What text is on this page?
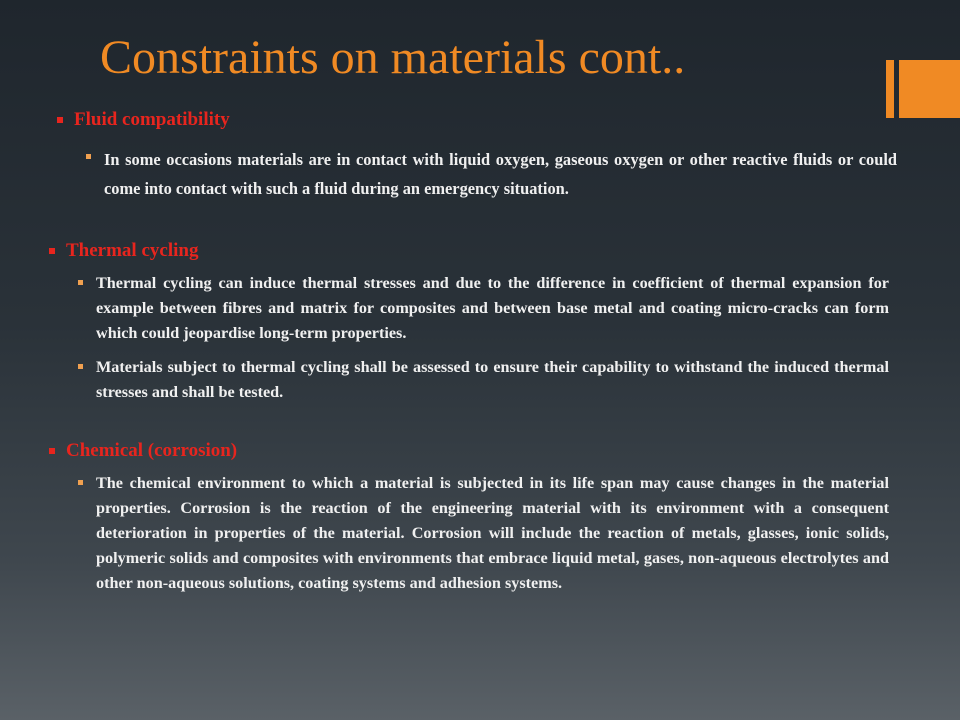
Constraints on materials cont..
Fluid compatibility
In some occasions materials are in contact with liquid oxygen, gaseous oxygen or other reactive fluids or could come into contact with such a fluid during an emergency situation.
Thermal cycling
Thermal cycling can induce thermal stresses and due to the difference in coefficient of thermal expansion for example between fibres and matrix for composites and between base metal and coating micro-cracks can form which could jeopardise long-term properties.
Materials subject to thermal cycling shall be assessed to ensure their capability to withstand the induced thermal stresses and shall be tested.
Chemical (corrosion)
The chemical environment to which a material is subjected in its life span may cause changes in the material properties. Corrosion is the reaction of the engineering material with its environment with a consequent deterioration in properties of the material. Corrosion will include the reaction of metals, glasses, ionic solids, polymeric solids and composites with environments that embrace liquid metal, gases, non-aqueous electrolytes and other non-aqueous solutions, coating systems and adhesion systems.
